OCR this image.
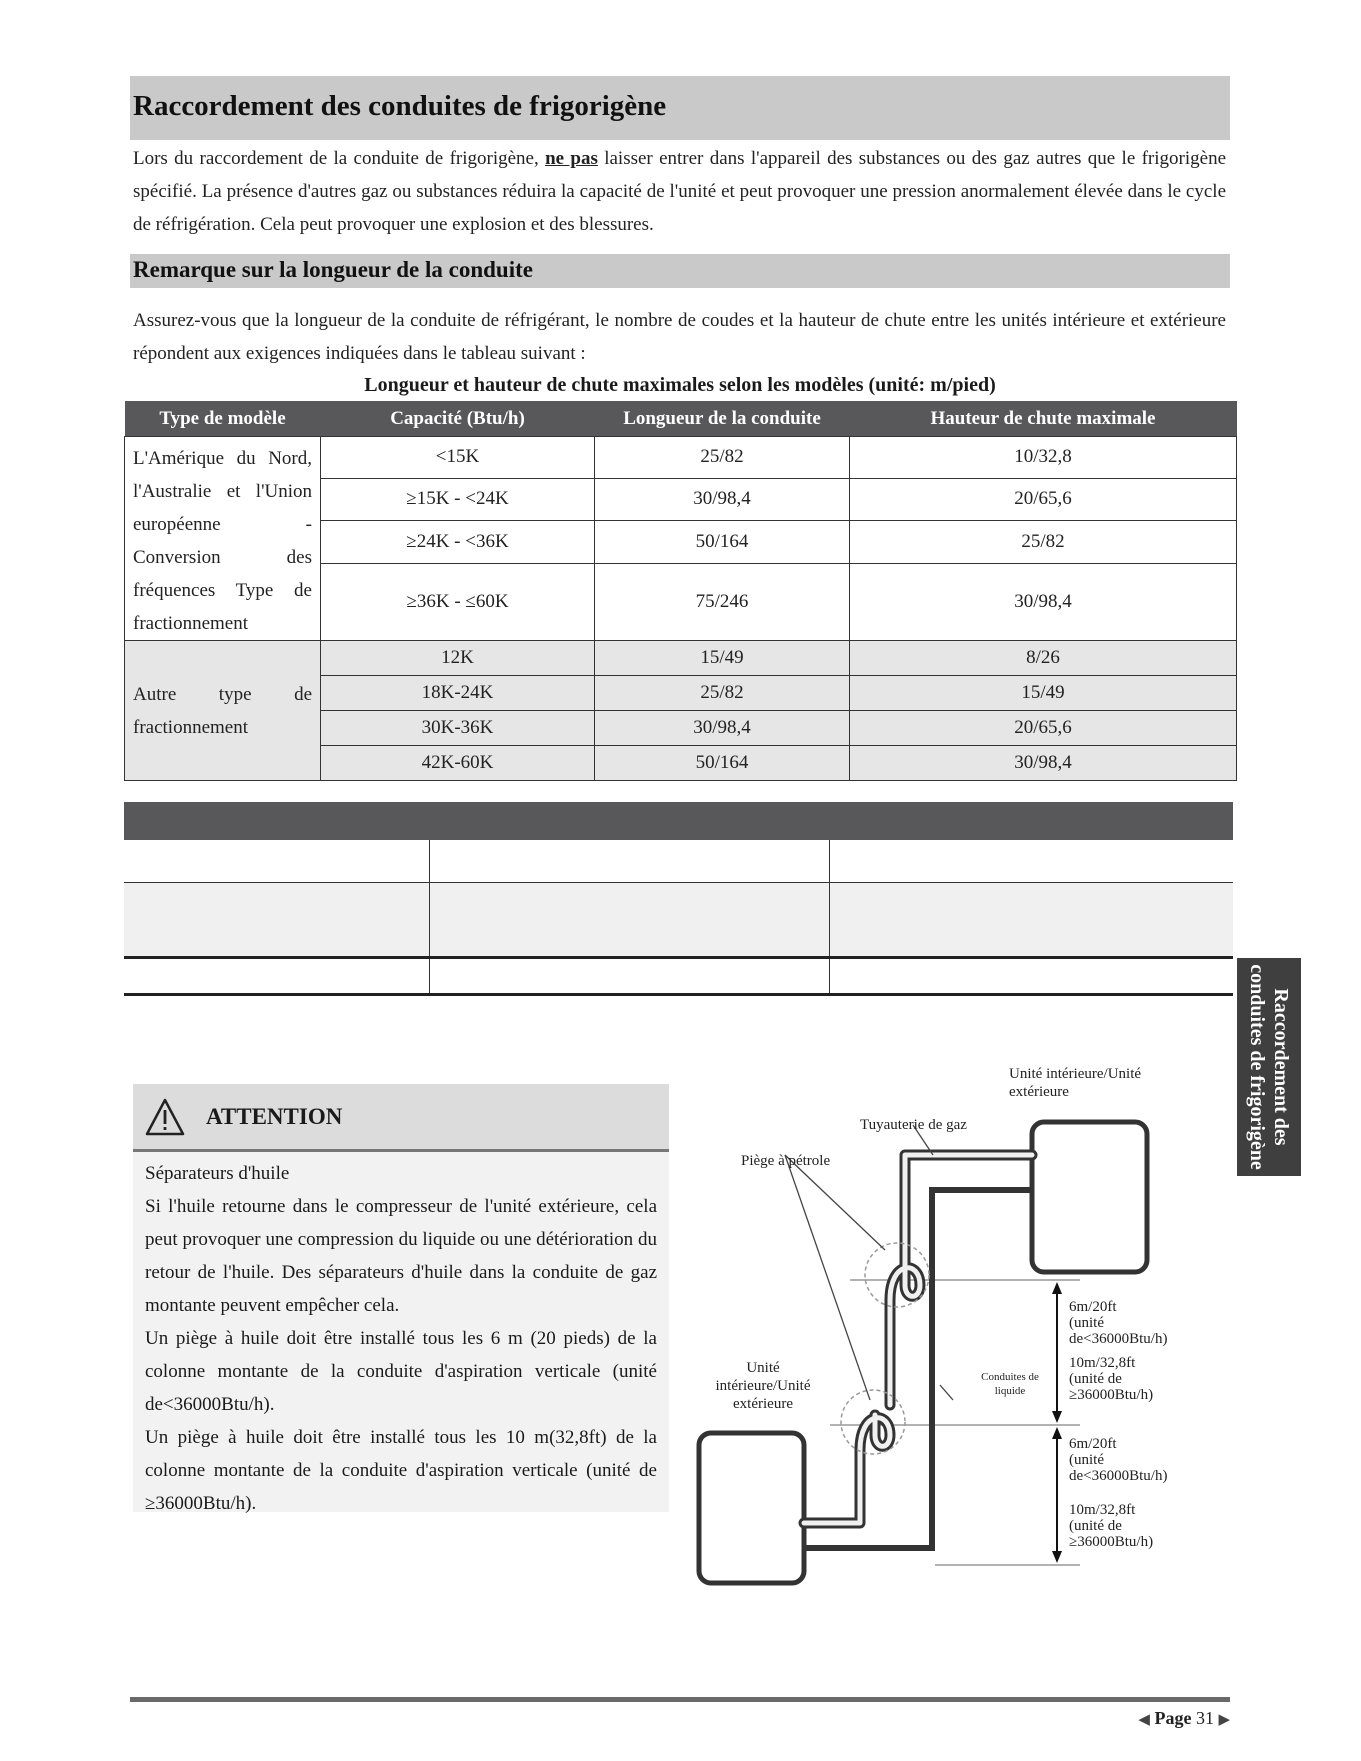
Raccordement des conduites de frigorigène
Lors du raccordement de la conduite de frigorigène, ne pas laisser entrer dans l'appareil des substances ou des gaz autres que le frigorigène spécifié. La présence d'autres gaz ou substances réduira la capacité de l'unité et peut provoquer une pression anormalement élevée dans le cycle de réfrigération. Cela peut provoquer une explosion et des blessures.
Remarque sur la longueur de la conduite
Assurez-vous que la longueur de la conduite de réfrigérant, le nombre de coudes et la hauteur de chute entre les unités intérieure et extérieure répondent aux exigences indiquées dans le tableau suivant :
Longueur et hauteur de chute maximales selon les modèles (unité: m/pied)
Type de modèle	Capacité (Btu/h)	Longueur de la conduite	Hauteur de chute maximale
L'Amérique du Nord, l'Australie et l'Union européenne - Conversion des fréquences Type de fractionnement	<15K	25/82	10/32,8
	≥15K - <24K	30/98,4	20/65,6
	≥24K - <36K	50/164	25/82
	≥36K - ≤60K	75/246	30/98,4
Autre type de fractionnement	12K	15/49	8/26
	18K-24K	25/82	15/49
	30K-36K	30/98,4	20/65,6
	42K-60K	50/164	30/98,4

Raccordement des conduites de frigorigène
ATTENTION

Séparateurs d'huile

Si l'huile retourne dans le compresseur de l'unité extérieure, cela peut provoquer une compression du liquide ou une détérioration du retour de l'huile. Des séparateurs d'huile dans la conduite de gaz montante peuvent empêcher cela.

Un piège à huile doit être installé tous les 6 m (20 pieds) de la colonne montante de la conduite d'aspiration verticale (unité de<36000Btu/h).

Un piège à huile doit être installé tous les 10 m(32,8ft) de la colonne montante de la conduite d'aspiration verticale (unité de ≥36000Btu/h).

Unité intérieure/Unité extérieure
Tuyauterie de gaz
Piège à pétrole
Unité intérieure/Unité extérieure
Conduites de liquide
6m/20ft (unité de<36000Btu/h) 10m/32,8ft (unité de ≥36000Btu/h)
6m/20ft (unité de<36000Btu/h) 10m/32,8ft (unité de ≥36000Btu/h)
◀ Page 31 ▶
